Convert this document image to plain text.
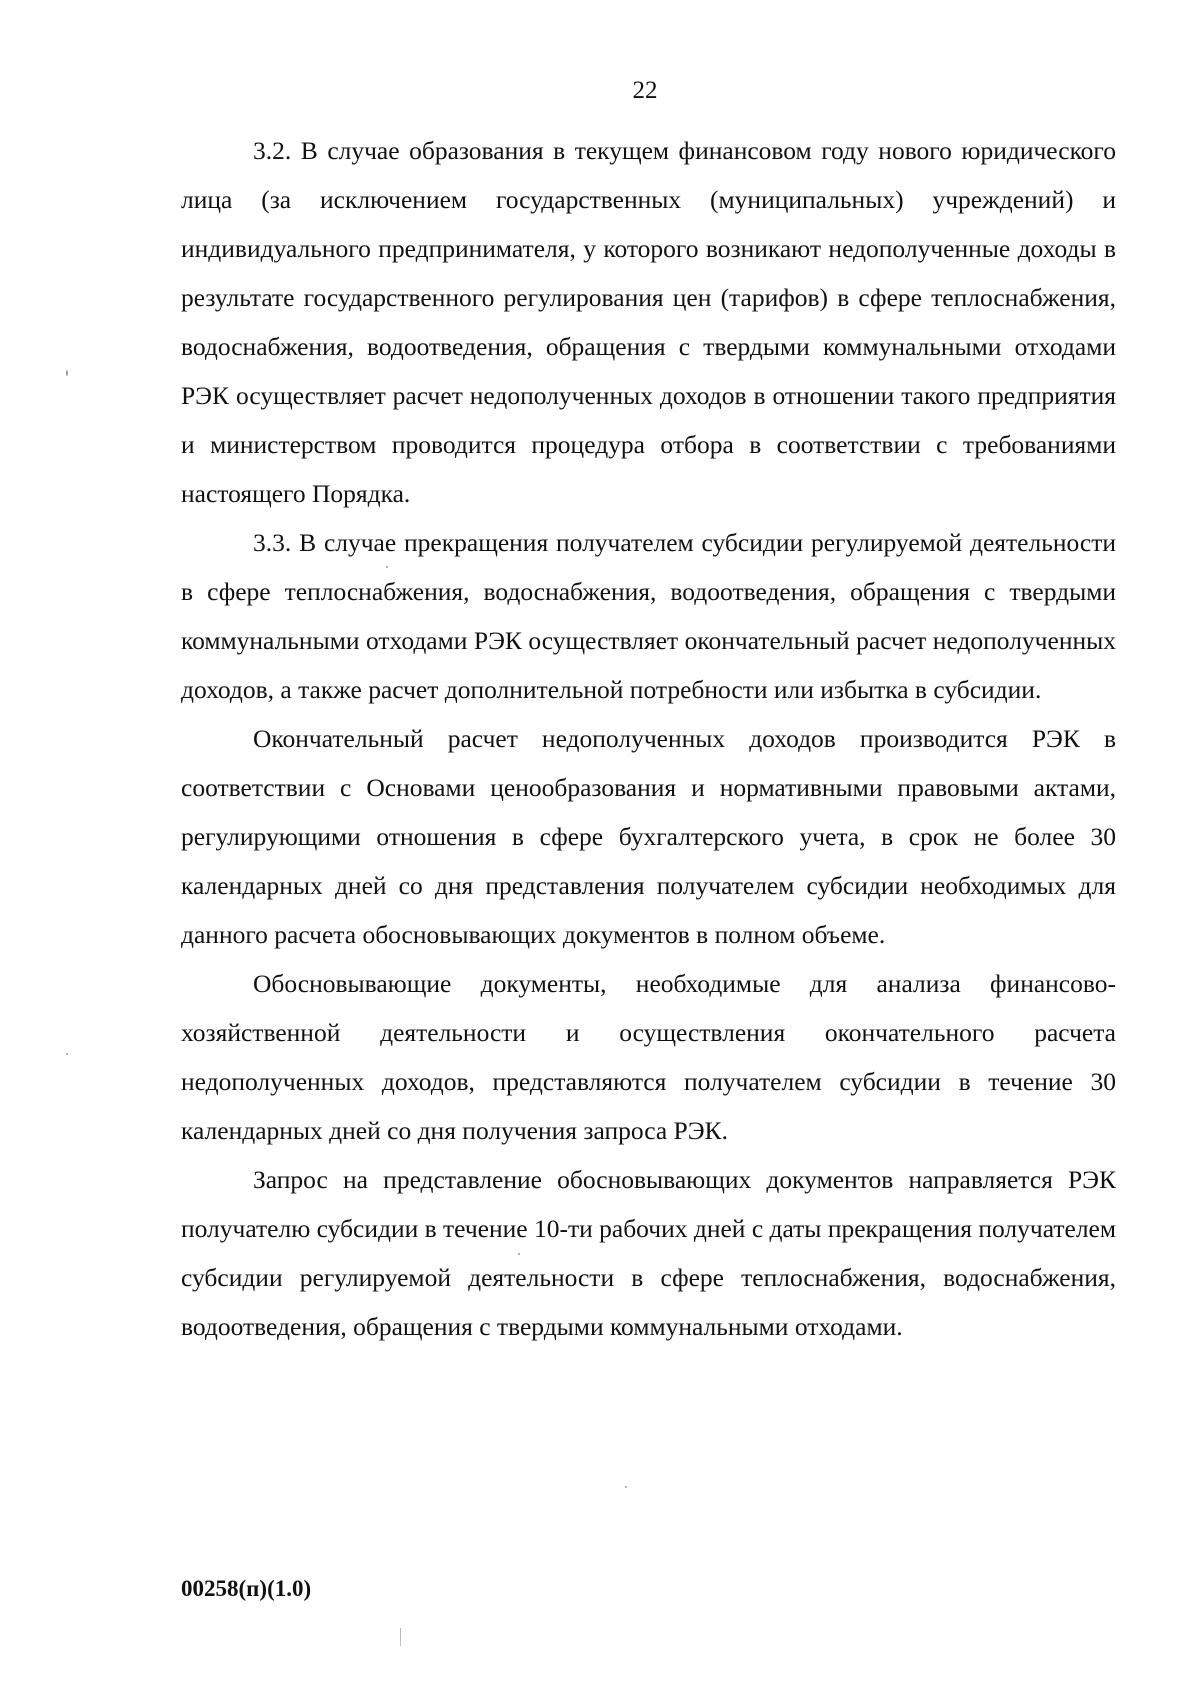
22

3.2. В случае образования в текущем финансовом году нового юридического лица (за исключением государственных (муниципальных) учреждений) и индивидуального предпринимателя, у которого возникают недополученные доходы в результате государственного регулирования цен (тарифов) в сфере теплоснабжения, водоснабжения, водоотведения, обращения с твердыми коммунальными отходами РЭК осуществляет расчет недополученных доходов в отношении такого предприятия и министерством проводится процедура отбора в соответствии с требованиями настоящего Порядка.

3.3. В случае прекращения получателем субсидии регулируемой деятельности в сфере теплоснабжения, водоснабжения, водоотведения, обращения с твердыми коммунальными отходами РЭК осуществляет окончательный расчет недополученных доходов, а также расчет дополнительной потребности или избытка в субсидии.

Окончательный расчет недополученных доходов производится РЭК в соответствии с Основами ценообразования и нормативными правовыми актами, регулирующими отношения в сфере бухгалтерского учета, в срок не более 30 календарных дней со дня представления получателем субсидии необходимых для данного расчета обосновывающих документов в полном объеме.

Обосновывающие документы, необходимые для анализа финансово-хозяйственной деятельности и осуществления окончательного расчета недополученных доходов, представляются получателем субсидии в течение 30 календарных дней со дня получения запроса РЭК.

Запрос на представление обосновывающих документов направляется РЭК получателю субсидии в течение 10-ти рабочих дней с даты прекращения получателем субсидии регулируемой деятельности в сфере теплоснабжения, водоснабжения, водоотведения, обращения с твердыми коммунальными отходами.

00258(п)(1.0)
